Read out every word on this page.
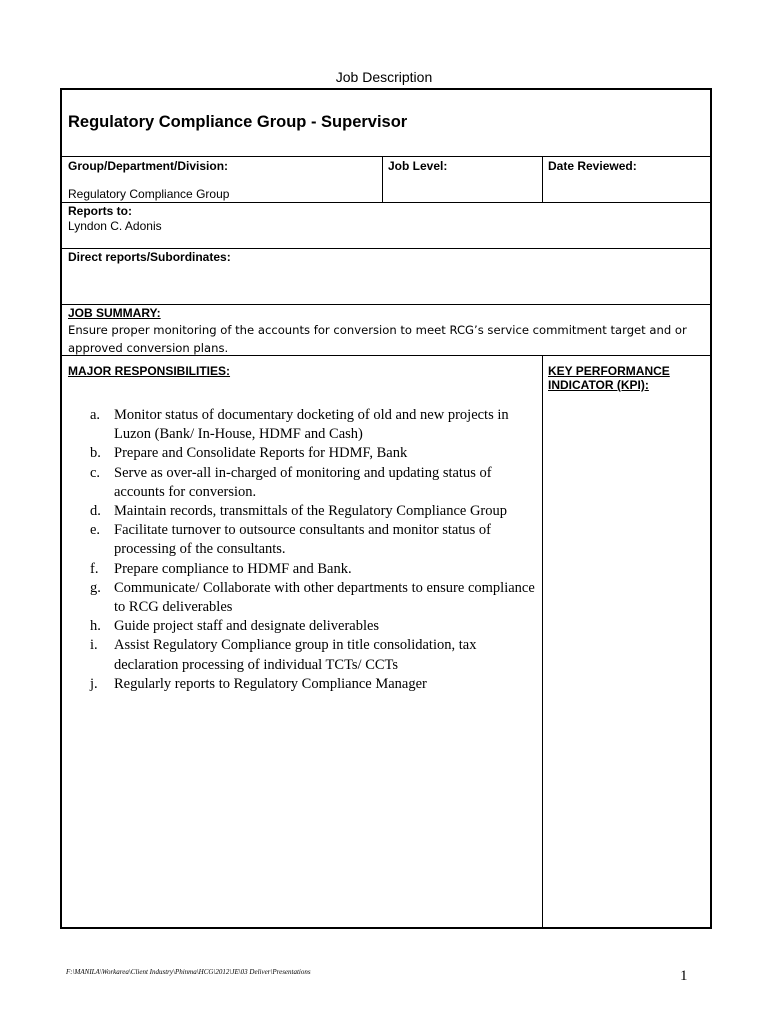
Job Description
Regulatory Compliance Group - Supervisor
Group/Department/Division:
Regulatory Compliance Group
Job Level:	Date Reviewed:
Reports to:
Lyndon C. Adonis
Direct reports/Subordinates:
JOB SUMMARY:
Ensure proper monitoring of the accounts for conversion to meet RCG’s service commitment target and or approved conversion plans.
MAJOR RESPONSIBILITIES:	KEY PERFORMANCE
INDICATOR (KPI):
a. Monitor status of documentary docketing of old and new projects in Luzon (Bank/ In-House, HDMF and Cash)
b. Prepare and Consolidate Reports for HDMF, Bank
c. Serve as over-all in-charged of monitoring and updating status of accounts for conversion.
d. Maintain records, transmittals of the Regulatory Compliance Group
e. Facilitate turnover to outsource consultants and monitor status of processing of the consultants.
f. Prepare compliance to HDMF and Bank.
g. Communicate/ Collaborate with other departments to ensure compliance to RCG deliverables
h. Guide project staff and designate deliverables
i. Assist Regulatory Compliance group in title consolidation, tax declaration processing of individual TCTs/ CCTs
j. Regularly reports to Regulatory Compliance Manager
F:\MANILA\Workarea\Client Industry\Phinma\HCG\2012\JE\03 Deliver\Presentations	1
